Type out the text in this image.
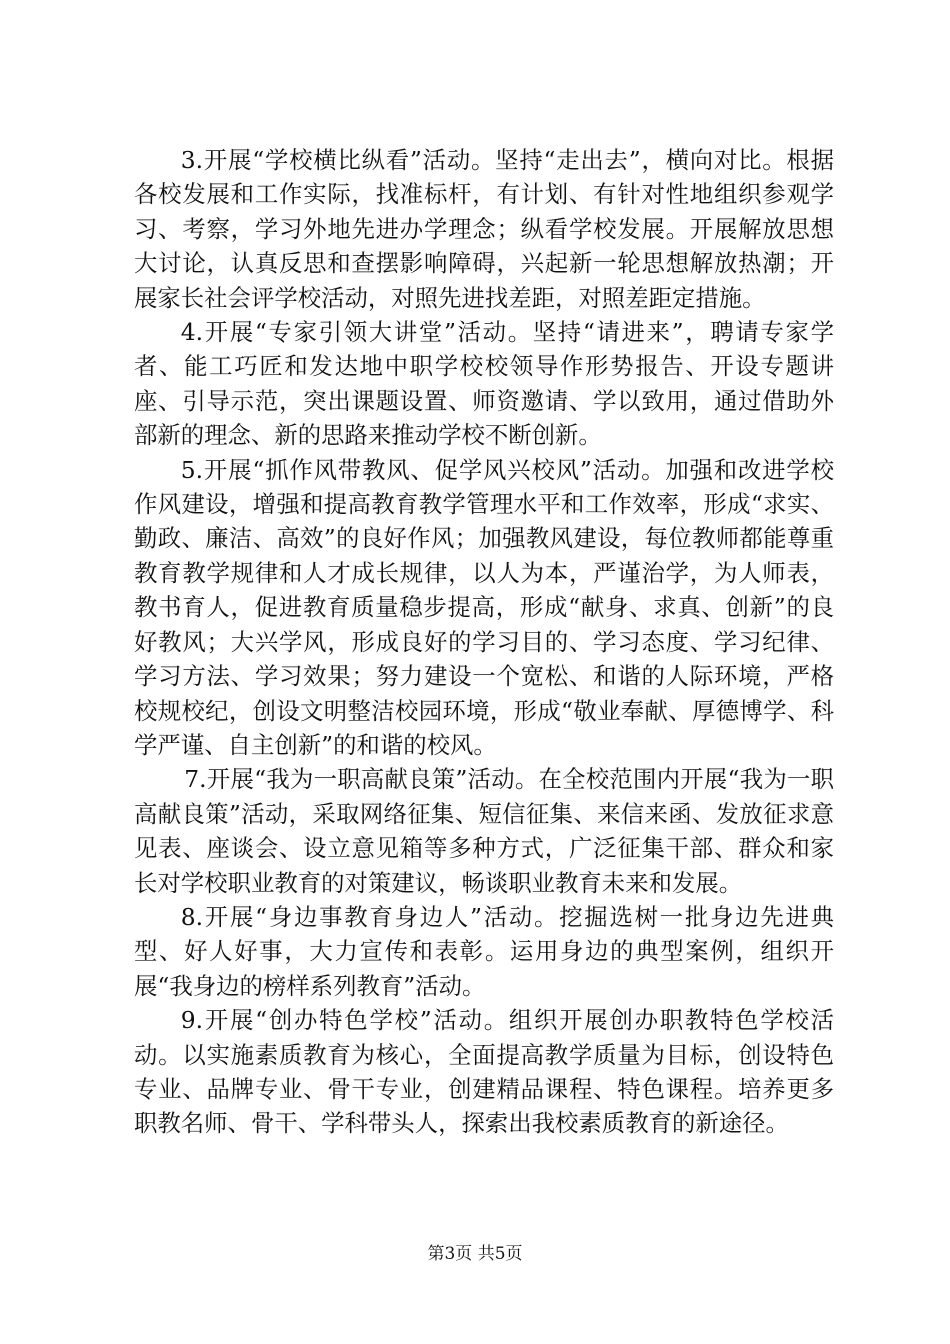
3.开展“学校横比纵看”活动。坚持“走出去”，横向对比。根据各校发展和工作实际，找准标杆，有计划、有针对性地组织参观学习、考察，学习外地先进办学理念；纵看学校发展。开展解放思想大讨论，认真反思和查摆影响障碍，兴起新一轮思想解放热潮；开展家长社会评学校活动，对照先进找差距，对照差距定措施。

4.开展“专家引领大讲堂”活动。坚持“请进来”，聘请专家学者、能工巧匠和发达地中职学校校领导作形势报告、开设专题讲座、引导示范，突出课题设置、师资邀请、学以致用，通过借助外部新的理念、新的思路来推动学校不断创新。

5.开展“抓作风带教风、促学风兴校风”活动。加强和改进学校作风建设，增强和提高教育教学管理水平和工作效率，形成“求实、勤政、廉洁、高效”的良好作风；加强教风建设，每位教师都能尊重教育教学规律和人才成长规律，以人为本，严谨治学，为人师表，教书育人，促进教育质量稳步提高，形成“献身、求真、创新”的良好教风；大兴学风，形成良好的学习目的、学习态度、学习纪律、学习方法、学习效果；努力建设一个宽松、和谐的人际环境，严格校规校纪，创设文明整洁校园环境，形成“敬业奉献、厚德博学、科学严谨、自主创新”的和谐的校风。

7.开展“我为一职高献良策”活动。在全校范围内开展“我为一职高献良策”活动，采取网络征集、短信征集、来信来函、发放征求意见表、座谈会、设立意见箱等多种方式，广泛征集干部、群众和家长对学校职业教育的对策建议，畅谈职业教育未来和发展。

8.开展“身边事教育身边人”活动。挖掘选树一批身边先进典型、好人好事，大力宣传和表彰。运用身边的典型案例，组织开展“我身边的榜样系列教育”活动。

9.开展“创办特色学校”活动。组织开展创办职教特色学校活动。以实施素质教育为核心，全面提高教学质量为目标，创设特色专业、品牌专业、骨干专业，创建精品课程、特色课程。培养更多职教名师、骨干、学科带头人，探索出我校素质教育的新途径。

第3页 共5页
